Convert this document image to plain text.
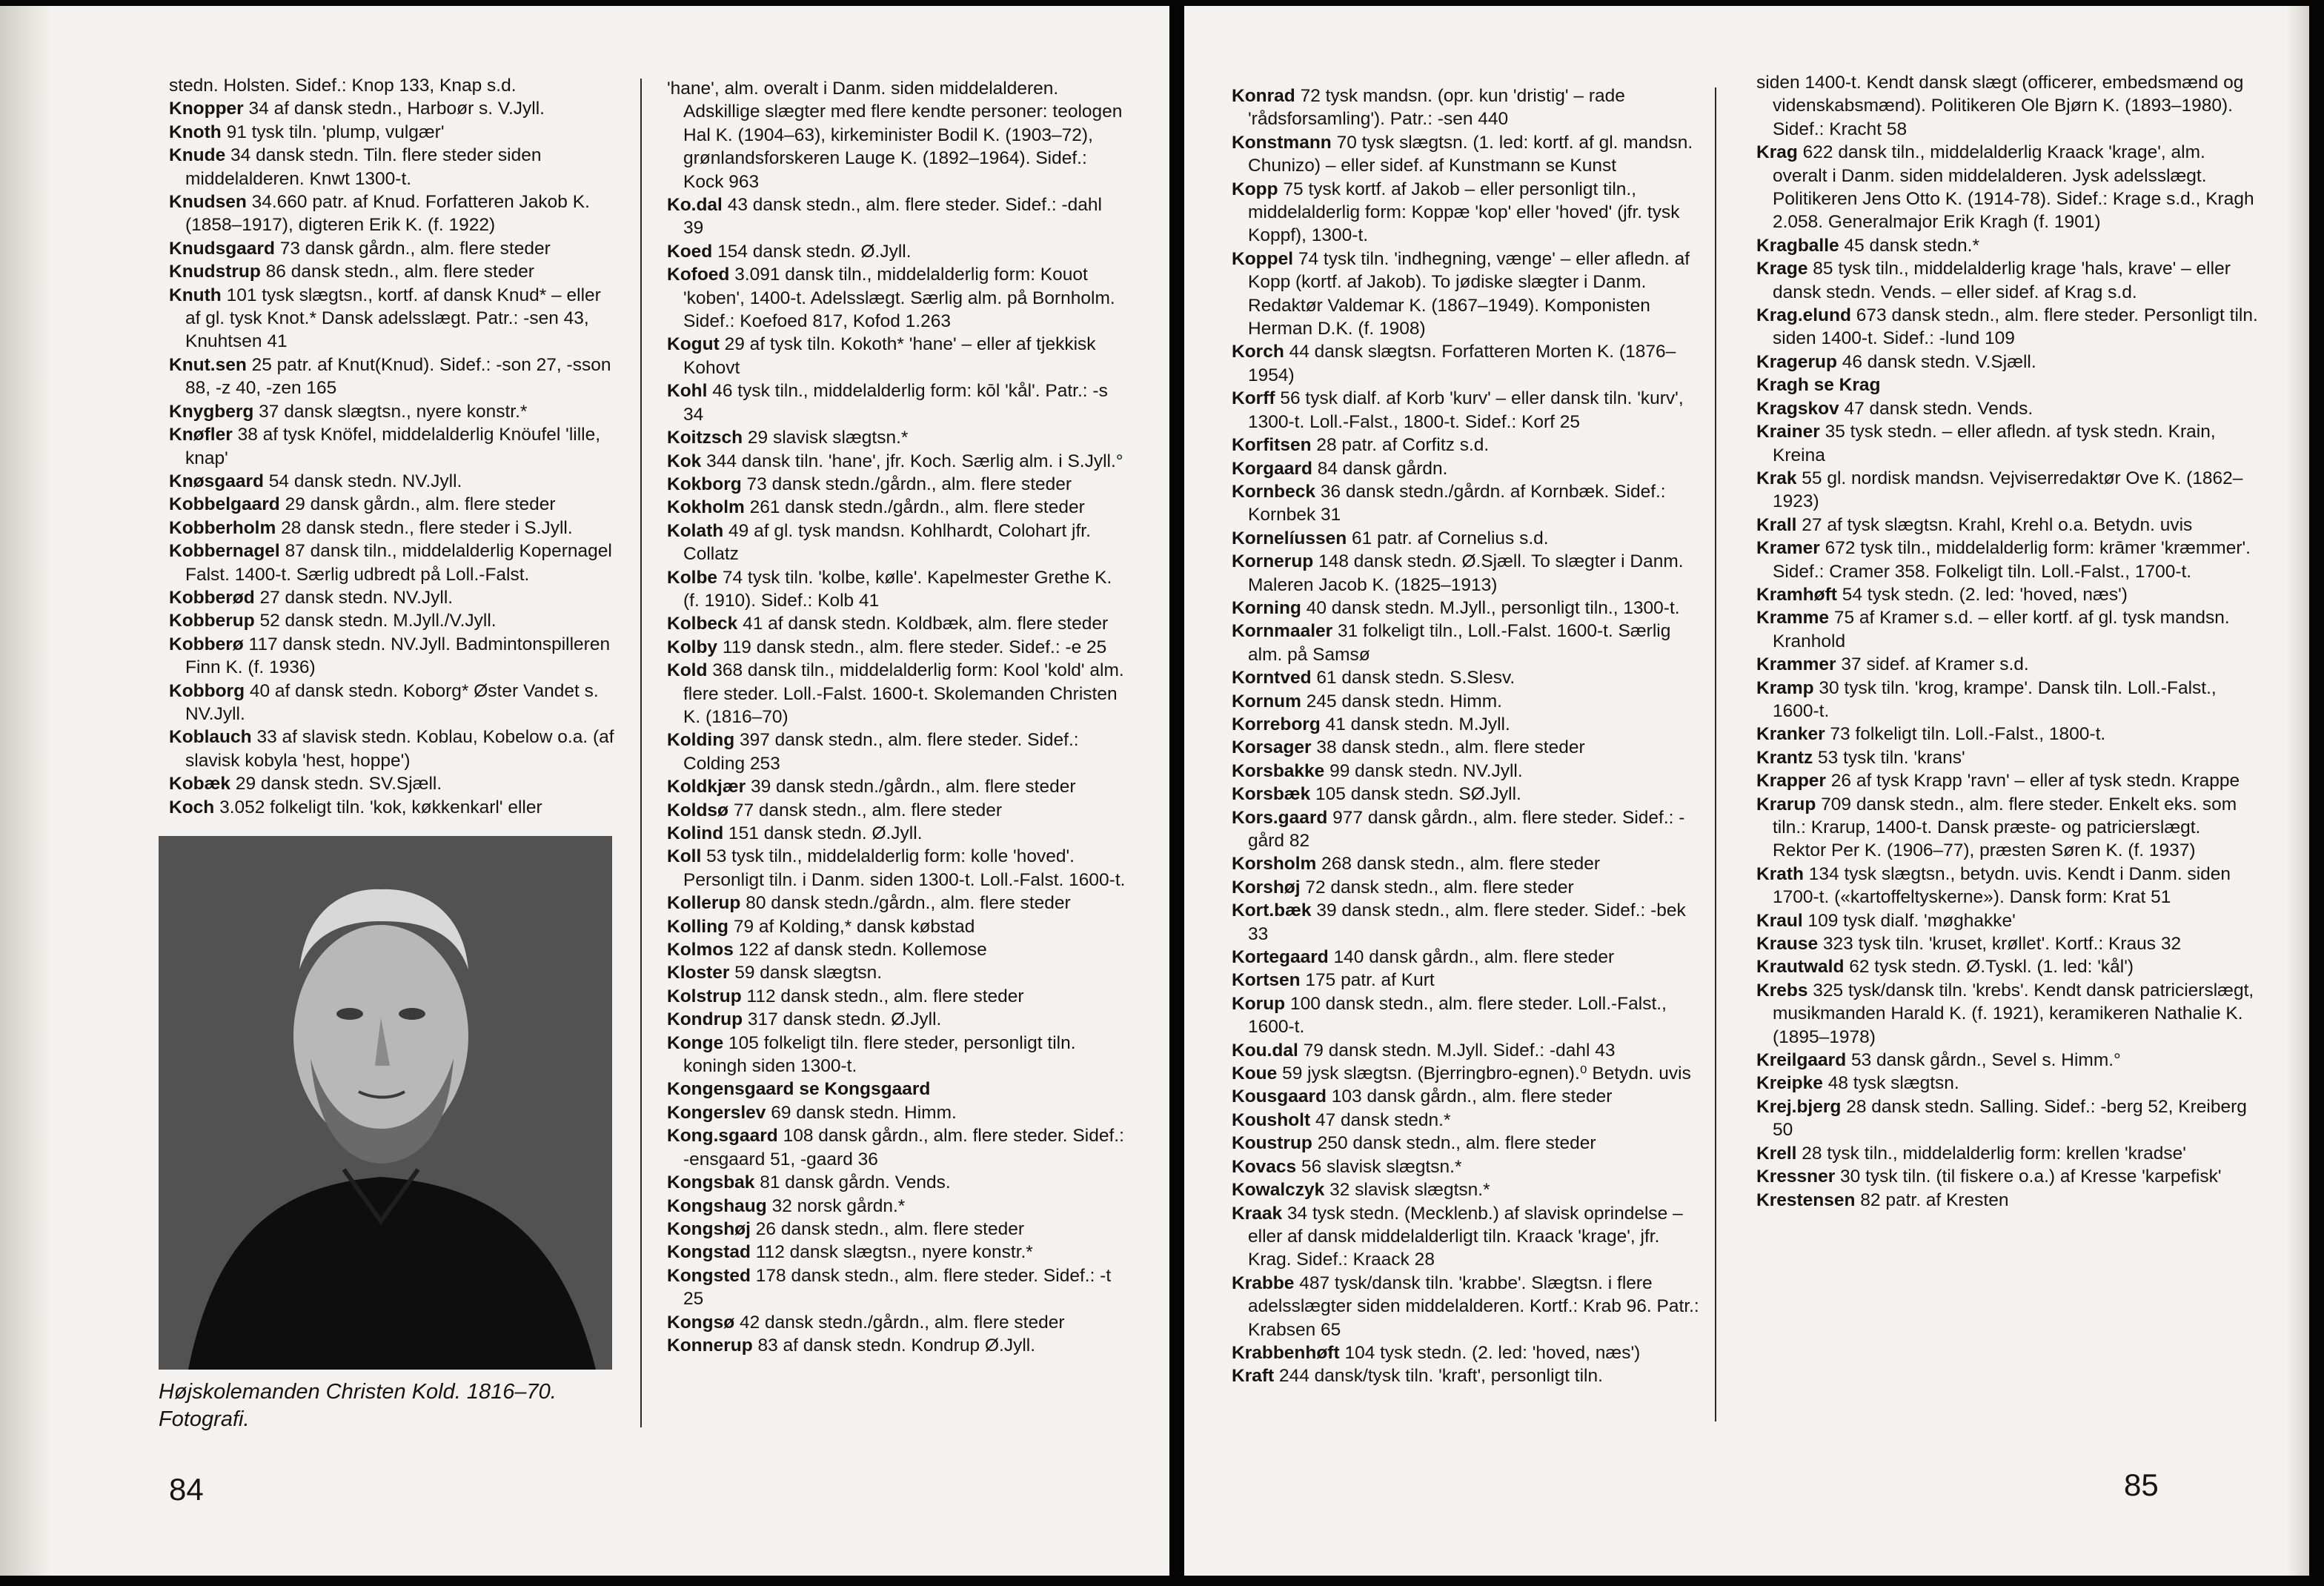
stedn. Holsten. Sidef.: Knop 133, Knap s.d.

Knopper 34 af dansk stedn., Harboør s. V.Jyll.

Knoth 91 tysk tiln. 'plump, vulgær'

Knude 34 dansk stedn. Tiln. flere steder siden middelalderen. Knwt 1300-t.

Knudsen 34.660 patr. af Knud. Forfatteren Jakob K. (1858–1917), digteren Erik K. (f. 1922)

Knudsgaard 73 dansk gårdn., alm. flere steder

Knudstrup 86 dansk stedn., alm. flere steder

Knuth 101 tysk slægtsn., kortf. af dansk Knud* – eller af gl. tysk Knot.* Dansk adelsslægt. Patr.: -sen 43, Knuhtsen 41

Knut.sen 25 patr. af Knut(Knud). Sidef.: -son 27, -sson 88, -z 40, -zen 165

Knygberg 37 dansk slægtsn., nyere konstr.*

Knøfler 38 af tysk Knöfel, middelalderlig Knöufel 'lille, knap'

Knøsgaard 54 dansk stedn. NV.Jyll.

Kobbelgaard 29 dansk gårdn., alm. flere steder

Kobberholm 28 dansk stedn., flere steder i S.Jyll.

Kobbernagel 87 dansk tiln., middelalderlig Kopernagel Falst. 1400-t. Særlig udbredt på Loll.-Falst.

Kobberød 27 dansk stedn. NV.Jyll.

Kobberup 52 dansk stedn. M.Jyll./V.Jyll.

Kobberø 117 dansk stedn. NV.Jyll. Badmintonspilleren Finn K. (f. 1936)

Kobborg 40 af dansk stedn. Koborg* Øster Vandet s. NV.Jyll.

Koblauch 33 af slavisk stedn. Koblau, Kobelow o.a. (af slavisk kobyla 'hest, hoppe')

Kobæk 29 dansk stedn. SV.Sjæll.

Koch 3.052 folkeligt tiln. 'kok, køkkenkarl' eller

'hane', alm. overalt i Danm. siden middelalderen. Adskillige slægter med flere kendte personer: teologen Hal K. (1904–63), kirkeminister Bodil K. (1903–72), grønlandsforskeren Lauge K. (1892–1964). Sidef.: Kock 963

Ko.dal 43 dansk stedn., alm. flere steder. Sidef.: -dahl 39

Koed 154 dansk stedn. Ø.Jyll.

Kofoed 3.091 dansk tiln., middelalderlig form: Kouot 'koben', 1400-t. Adelsslægt. Særlig alm. på Bornholm. Sidef.: Koefoed 817, Kofod 1.263

Kogut 29 af tysk tiln. Kokoth* 'hane' – eller af tjekkisk Kohovt

Kohl 46 tysk tiln., middelalderlig form: kōl 'kål'. Patr.: -s 34

Koitzsch 29 slavisk slægtsn.*

Kok 344 dansk tiln. 'hane', jfr. Koch. Særlig alm. i S.Jyll.°

Kokborg 73 dansk stedn./gårdn., alm. flere steder

Kokholm 261 dansk stedn./gårdn., alm. flere steder

Kolath 49 af gl. tysk mandsn. Kohlhardt, Colohart jfr. Collatz

Kolbe 74 tysk tiln. 'kolbe, kølle'. Kapelmester Grethe K. (f. 1910). Sidef.: Kolb 41

Kolbeck 41 af dansk stedn. Koldbæk, alm. flere steder

Kolby 119 dansk stedn., alm. flere steder. Sidef.: -e 25

Kold 368 dansk tiln., middelalderlig form: Kool 'kold' alm. flere steder. Loll.-Falst. 1600-t. Skolemanden Christen K. (1816–70)

Kolding 397 dansk stedn., alm. flere steder. Sidef.: Colding 253

Koldkjær 39 dansk stedn./gårdn., alm. flere steder

Koldsø 77 dansk stedn., alm. flere steder

Kolind 151 dansk stedn. Ø.Jyll.

Koll 53 tysk tiln., middelalderlig form: kolle 'hoved'. Personligt tiln. i Danm. siden 1300-t. Loll.-Falst. 1600-t.

Kollerup 80 dansk stedn./gårdn., alm. flere steder

Kolling 79 af Kolding,* dansk købstad

Kolmos 122 af dansk stedn. Kollemose

Kloster 59 dansk slægtsn.

Kolstrup 112 dansk stedn., alm. flere steder

Kondrup 317 dansk stedn. Ø.Jyll.

Konge 105 folkeligt tiln. flere steder, personligt tiln. koningh siden 1300-t.

Kongensgaard se Kongsgaard

Kongerslev 69 dansk stedn. Himm.

Kong.sgaard 108 dansk gårdn., alm. flere steder. Sidef.: -ensgaard 51, -gaard 36

Kongsbak 81 dansk gårdn. Vends.

Kongshaug 32 norsk gårdn.*

Kongshøj 26 dansk stedn., alm. flere steder

Kongstad 112 dansk slægtsn., nyere konstr.*

Kongsted 178 dansk stedn., alm. flere steder. Sidef.: -t 25

Kongsø 42 dansk stedn./gårdn., alm. flere steder

Konnerup 83 af dansk stedn. Kondrup Ø.Jyll.

Højskolemanden Christen Kold. 1816–70. Fotografi.
84

Konrad 72 tysk mandsn. (opr. kun 'dristig' – rade 'rådsforsamling'). Patr.: -sen 440

Konstmann 70 tysk slægtsn. (1. led: kortf. af gl. mandsn. Chunizo) – eller sidef. af Kunstmann se Kunst

Kopp 75 tysk kortf. af Jakob – eller personligt tiln., middelalderlig form: Koppæ 'kop' eller 'hoved' (jfr. tysk Koppf), 1300-t.

Koppel 74 tysk tiln. 'indhegning, vænge' – eller afledn. af Kopp (kortf. af Jakob). To jødiske slægter i Danm. Redaktør Valdemar K. (1867–1949). Komponisten Herman D.K. (f. 1908)

Korch 44 dansk slægtsn. Forfatteren Morten K. (1876–1954)

Korff 56 tysk dialf. af Korb 'kurv' – eller dansk tiln. 'kurv', 1300-t. Loll.-Falst., 1800-t. Sidef.: Korf 25

Korfitsen 28 patr. af Corfitz s.d.

Korgaard 84 dansk gårdn.

Kornbeck 36 dansk stedn./gårdn. af Kornbæk. Sidef.: Kornbek 31

Kornelíussen 61 patr. af Cornelius s.d.

Kornerup 148 dansk stedn. Ø.Sjæll. To slægter i Danm. Maleren Jacob K. (1825–1913)

Korning 40 dansk stedn. M.Jyll., personligt tiln., 1300-t.

Kornmaaler 31 folkeligt tiln., Loll.-Falst. 1600-t. Særlig alm. på Samsø

Korntved 61 dansk stedn. S.Slesv.

Kornum 245 dansk stedn. Himm.

Korreborg 41 dansk stedn. M.Jyll.

Korsager 38 dansk stedn., alm. flere steder

Korsbakke 99 dansk stedn. NV.Jyll.

Korsbæk 105 dansk stedn. SØ.Jyll.

Kors.gaard 977 dansk gårdn., alm. flere steder. Sidef.: -gård 82

Korsholm 268 dansk stedn., alm. flere steder

Korshøj 72 dansk stedn., alm. flere steder

Kort.bæk 39 dansk stedn., alm. flere steder. Sidef.: -bek 33

Kortegaard 140 dansk gårdn., alm. flere steder

Kortsen 175 patr. af Kurt

Korup 100 dansk stedn., alm. flere steder. Loll.-Falst., 1600-t.

Kou.dal 79 dansk stedn. M.Jyll. Sidef.: -dahl 43

Koue 59 jysk slægtsn. (Bjerringbro-egnen).⁰ Betydn. uvis

Kousgaard 103 dansk gårdn., alm. flere steder

Kousholt 47 dansk stedn.*

Koustrup 250 dansk stedn., alm. flere steder

Kovacs 56 slavisk slægtsn.*

Kowalczyk 32 slavisk slægtsn.*

Kraak 34 tysk stedn. (Mecklenb.) af slavisk oprindelse – eller af dansk middelalderligt tiln. Kraack 'krage', jfr. Krag. Sidef.: Kraack 28

Krabbe 487 tysk/dansk tiln. 'krabbe'. Slægtsn. i flere adelsslægter siden middelalderen. Kortf.: Krab 96. Patr.: Krabsen 65

Krabbenhøft 104 tysk stedn. (2. led: 'hoved, næs')

Kraft 244 dansk/tysk tiln. 'kraft', personligt tiln.

siden 1400-t. Kendt dansk slægt (officerer, embedsmænd og videnskabsmænd). Politikeren Ole Bjørn K. (1893–1980). Sidef.: Kracht 58

Krag 622 dansk tiln., middelalderlig Kraack 'krage', alm. overalt i Danm. siden middelalderen. Jysk adelsslægt. Politikeren Jens Otto K. (1914-78). Sidef.: Krage s.d., Kragh 2.058. Generalmajor Erik Kragh (f. 1901)

Kragballe 45 dansk stedn.*

Krage 85 tysk tiln., middelalderlig krage 'hals, krave' – eller dansk stedn. Vends. – eller sidef. af Krag s.d.

Krag.elund 673 dansk stedn., alm. flere steder. Personligt tiln. siden 1400-t. Sidef.: -lund 109

Kragerup 46 dansk stedn. V.Sjæll.

Kragh se Krag

Kragskov 47 dansk stedn. Vends.

Krainer 35 tysk stedn. – eller afledn. af tysk stedn. Krain, Kreina

Krak 55 gl. nordisk mandsn. Vejviserredaktør Ove K. (1862–1923)

Krall 27 af tysk slægtsn. Krahl, Krehl o.a. Betydn. uvis

Kramer 672 tysk tiln., middelalderlig form: krāmer 'kræmmer'. Sidef.: Cramer 358. Folkeligt tiln. Loll.-Falst., 1700-t.

Kramhøft 54 tysk stedn. (2. led: 'hoved, næs')

Kramme 75 af Kramer s.d. – eller kortf. af gl. tysk mandsn. Kranhold

Krammer 37 sidef. af Kramer s.d.

Kramp 30 tysk tiln. 'krog, krampe'. Dansk tiln. Loll.-Falst., 1600-t.

Kranker 73 folkeligt tiln. Loll.-Falst., 1800-t.

Krantz 53 tysk tiln. 'krans'

Krapper 26 af tysk Krapp 'ravn' – eller af tysk stedn. Krappe

Krarup 709 dansk stedn., alm. flere steder. Enkelt eks. som tiln.: Krarup, 1400-t. Dansk præste- og patricierslægt. Rektor Per K. (1906–77), præsten Søren K. (f. 1937)

Krath 134 tysk slægtsn., betydn. uvis. Kendt i Danm. siden 1700-t. («kartoffeltyskerne»). Dansk form: Krat 51

Kraul 109 tysk dialf. 'møghakke'

Krause 323 tysk tiln. 'kruset, krøllet'. Kortf.: Kraus 32

Krautwald 62 tysk stedn. Ø.Tyskl. (1. led: 'kål')

Krebs 325 tysk/dansk tiln. 'krebs'. Kendt dansk patricierslægt, musikmanden Harald K. (f. 1921), keramikeren Nathalie K. (1895–1978)

Kreilgaard 53 dansk gårdn., Sevel s. Himm.°

Kreipke 48 tysk slægtsn.

Krej.bjerg 28 dansk stedn. Salling. Sidef.: -berg 52, Kreiberg 50

Krell 28 tysk tiln., middelalderlig form: krellen 'kradse'

Kressner 30 tysk tiln. (til fiskere o.a.) af Kresse 'karpefisk'

Krestensen 82 patr. af Kresten

85
